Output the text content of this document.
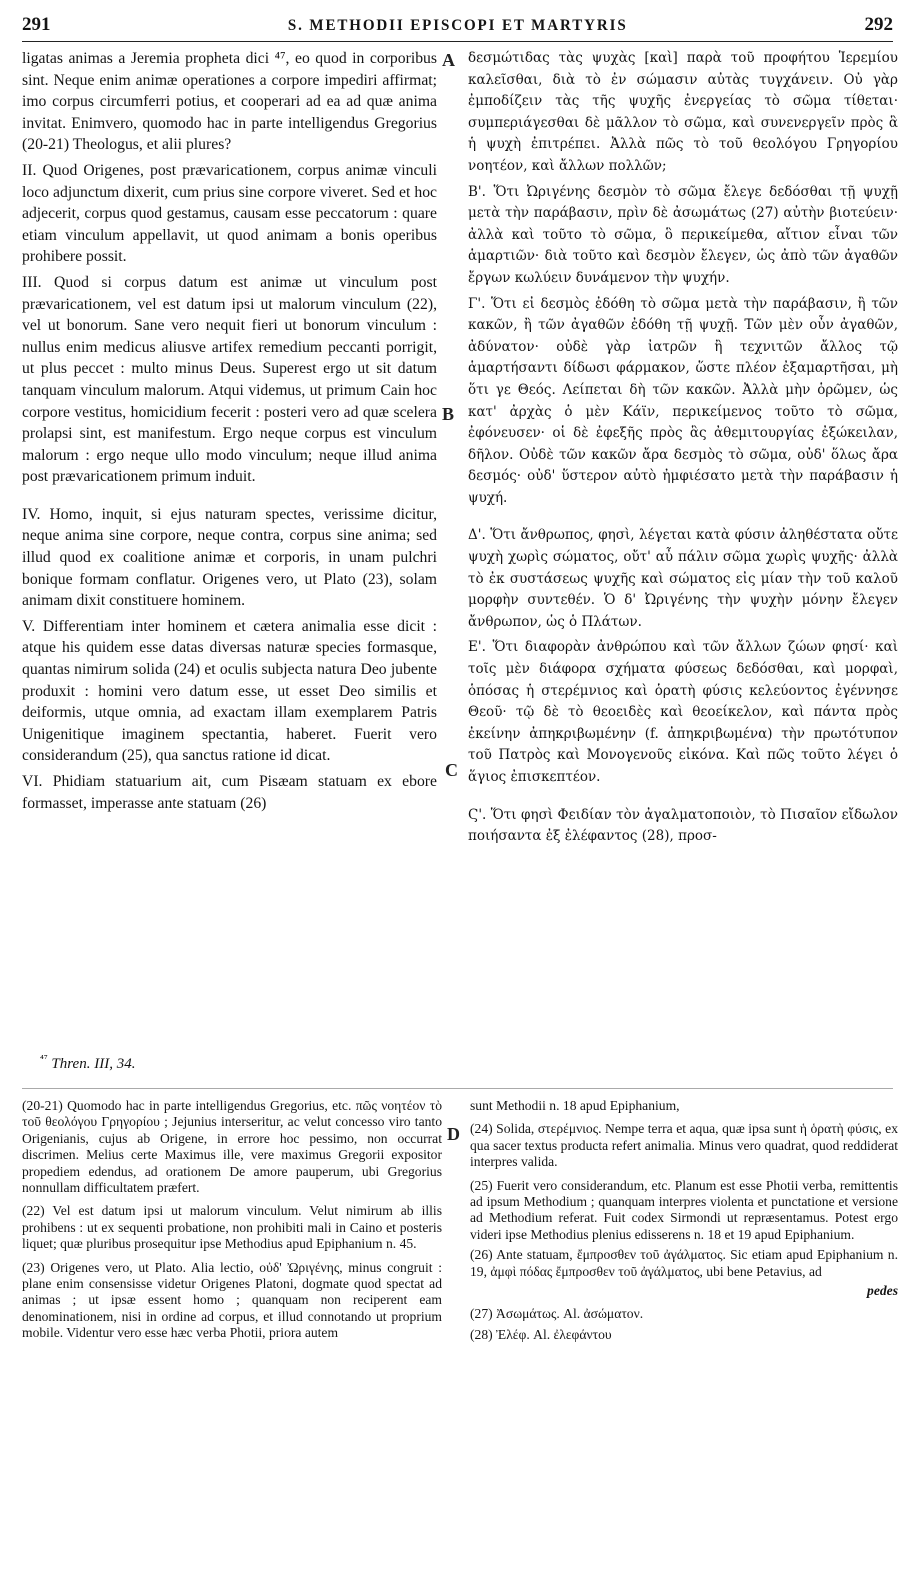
291	S. METHODII EPISCOPI ET MARTYRIS	292
A
B
C
D

ligatas animas a Jeremia propheta dici ⁴⁷, eo quod in corporibus sint. Neque enim animæ operationes a corpore impediri affirmat; imo corpus circumferri potius, et cooperari ad ea ad quæ anima invitat. Enimvero, quomodo hac in parte intelligendus Gregorius (20-21) Theologus, et alii plures?

II. Quod Origenes, post prævaricationem, corpus animæ vinculi loco adjunctum dixerit, cum prius sine corpore viveret. Sed et hoc adjecerit, corpus quod gestamus, causam esse peccatorum : quare etiam vinculum appellavit, ut quod animam a bonis operibus prohibere possit.

III. Quod si corpus datum est animæ ut vinculum post prævaricationem, vel est datum ipsi ut malorum vinculum (22), vel ut bonorum. Sane vero nequit fieri ut bonorum vinculum : nullus enim medicus aliusve artifex remedium peccanti porrigit, ut plus peccet : multo minus Deus. Superest ergo ut sit datum tanquam vinculum malorum. Atqui videmus, ut primum Cain hoc corpore vestitus, homicidium fecerit : posteri vero ad quæ scelera prolapsi sint, est manifestum. Ergo neque corpus est vinculum malorum : ergo neque ullo modo vinculum; neque illud anima post prævaricationem primum induit.

IV. Homo, inquit, si ejus naturam spectes, verissime dicitur, neque anima sine corpore, neque contra, corpus sine anima; sed illud quod ex coalitione animæ et corporis, in unam pulchri bonique formam conflatur. Origenes vero, ut Plato (23), solam animam dixit constituere hominem.

V. Differentiam inter hominem et cætera animalia esse dicit : atque his quidem esse datas diversas naturæ species formasque, quantas nimirum solida (24) et oculis subjecta natura Deo jubente produxit : homini vero datum esse, ut esset Deo similis et deiformis, utque omnia, ad exactam illam exemplarem Patris Unigenitique imaginem spectantia, haberet. Fuerit vero considerandum (25), qua sanctus ratione id dicat.

VI. Phidiam statuarium ait, cum Pisæam statuam ex ebore formasset, imperasse ante statuam (26)

δεσμώτιδας τὰς ψυχὰς [καὶ] παρὰ τοῦ προφήτου Ἱερεμίου καλεῖσθαι, διὰ τὸ ἐν σώμασιν αὐτὰς τυγχάνειν. Οὐ γὰρ ἐμποδίζειν τὰς τῆς ψυχῆς ἐνεργείας τὸ σῶμα τίθεται· συμπεριάγεσθαι δὲ μᾶλλον τὸ σῶμα, καὶ συνενεργεῖν πρὸς ἃ ἡ ψυχὴ ἐπιτρέπει. Ἀλλὰ πῶς τὸ τοῦ θεολόγου Γρηγορίου νοητέον, καὶ ἄλλων πολλῶν;

Β'. Ὅτι Ὠριγένης δεσμὸν τὸ σῶμα ἔλεγε δεδόσθαι τῇ ψυχῇ μετὰ τὴν παράβασιν, πρὶν δὲ ἀσωμάτως (27) αὐτὴν βιοτεύειν· ἀλλὰ καὶ τοῦτο τὸ σῶμα, ὃ περικείμεθα, αἴτιον εἶναι τῶν ἁμαρτιῶν· διὰ τοῦτο καὶ δεσμὸν ἔλεγεν, ὡς ἀπὸ τῶν ἀγαθῶν ἔργων κωλύειν δυνάμενον τὴν ψυχήν.

Γ'. Ὅτι εἰ δεσμὸς ἐδόθη τὸ σῶμα μετὰ τὴν παράβασιν, ἢ τῶν κακῶν, ἢ τῶν ἀγαθῶν ἐδόθη τῇ ψυχῇ. Τῶν μὲν οὖν ἀγαθῶν, ἀδύνατον· οὐδὲ γὰρ ἰατρῶν ἢ τεχνιτῶν ἄλλος τῷ ἁμαρτήσαντι δίδωσι φάρμακον, ὥστε πλέον ἐξαμαρτῆσαι, μὴ ὅτι γε Θεός. Λείπεται δὴ τῶν κακῶν. Ἀλλὰ μὴν ὁρῶμεν, ὡς κατ' ἀρχὰς ὁ μὲν Κάϊν, περικείμενος τοῦτο τὸ σῶμα, ἐφόνευσεν· οἱ δὲ ἐφεξῆς πρὸς ἃς ἀθεμιτουργίας ἐξώκειλαν, δῆλον. Οὐδὲ τῶν κακῶν ἄρα δεσμὸς τὸ σῶμα, οὐδ' ὅλως ἄρα δεσμός· οὐδ' ὕστερον αὐτὸ ἠμφιέσατο μετὰ τὴν παράβασιν ἡ ψυχή.

Δ'. Ὅτι ἄνθρωπος, φησὶ, λέγεται κατὰ φύσιν ἀληθέστατα οὔτε ψυχὴ χωρὶς σώματος, οὔτ' αὖ πάλιν σῶμα χωρὶς ψυχῆς· ἀλλὰ τὸ ἐκ συστάσεως ψυχῆς καὶ σώματος εἰς μίαν τὴν τοῦ καλοῦ μορφὴν συντεθέν. Ὁ δ' Ὠριγένης τὴν ψυχὴν μόνην ἔλεγεν ἄνθρωπον, ὡς ὁ Πλάτων.

Ε'. Ὅτι διαφορὰν ἀνθρώπου καὶ τῶν ἄλλων ζώων φησί· καὶ τοῖς μὲν διάφορα σχήματα φύσεως δεδόσθαι, καὶ μορφαὶ, ὁπόσας ἡ στερέμνιος καὶ ὁρατὴ φύσις κελεύοντος ἐγέννησε Θεοῦ· τῷ δὲ τὸ θεοειδὲς καὶ θεοείκελον, καὶ πάντα πρὸς ἐκείνην ἀπηκριβωμένην (f. ἀπηκριβωμένα) τὴν πρωτότυπον τοῦ Πατρὸς καὶ Μονογενοῦς εἰκόνα. Καὶ πῶς τοῦτο λέγει ὁ ἅγιος ἐπισκεπτέον.

Ϛ'. Ὅτι φησὶ Φειδίαν τὸν ἀγαλματοποιὸν, τὸ Πισαῖον εἴδωλον ποιήσαντα ἐξ ἐλέφαντος (28), προσ-

$^{^{47}}$ Thren. III, 34.

(20-21) Quomodo hac in parte intelligendus Gregorius, etc. πῶς νοητέον τὸ τοῦ θεολόγου Γρηγορίου ; Jejunius interseritur, ac velut concesso viro tanto Origenianis, cujus ab Origene, in errore hoc pessimo, non occurrat discrimen. Melius certe Maximus ille, vere maximus Gregorii expositor propediem edendus, ad orationem De amore pauperum, ubi Gregorius nonnullam difficultatem præfert.

(22) Vel est datum ipsi ut malorum vinculum. Velut nimirum ab illis prohibens : ut ex sequenti probatione, non prohibiti mali in Caino et posteris liquet; quæ pluribus prosequitur ipse Methodius apud Epiphanium n. 45.

(23) Origenes vero, ut Plato. Alia lectio, οὐδ' Ὠριγένης, minus congruit : plane enim consensisse videtur Origenes Platoni, dogmate quod spectat ad animas ; ut ipsæ essent homo ; quanquam non reciperent eam denominationem, nisi in ordine ad corpus, et illud connotando ut proprium mobile. Videntur vero esse hæc verba Photii, priora autem

sunt Methodii n. 18 apud Epiphanium,

(24) Solida, στερέμνιος. Nempe terra et aqua, quæ ipsa sunt ἡ ὁρατὴ φύσις, ex qua sacer textus producta refert animalia. Minus vero quadrat, quod reddiderat interpres valida.

(25) Fuerit vero considerandum, etc. Planum est esse Photii verba, remittentis ad ipsum Methodium ; quanquam interpres violenta et punctatione et versione ad Methodium referat. Fuit codex Sirmondi ut repræsentamus. Potest ergo videri ipse Methodius plenius edisserens n. 18 et 19 apud Epiphanium.

(26) Ante statuam, ἔμπροσθεν τοῦ ἀγάλματος. Sic etiam apud Epiphanium n. 19, ἀμφὶ πόδας ἔμπροσθεν τοῦ ἀγάλματος, ubi bene Petavius, ad

pedes

(27) Ἀσωμάτως. Al. ἀσώματον.

(28) Ἐλέφ. Al. ἐλεφάντου
